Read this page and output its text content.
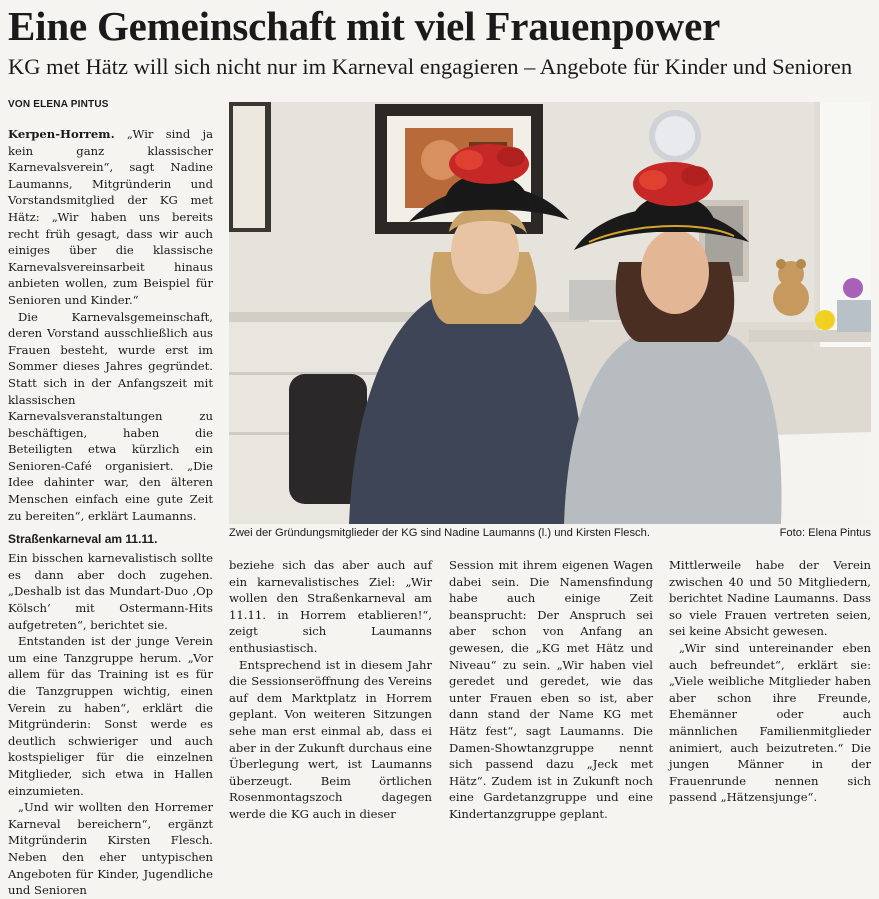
Eine Gemeinschaft mit viel Frauenpower
KG met Hätz will sich nicht nur im Karneval engagieren – Angebote für Kinder und Senioren
VON ELENA PINTUS

Kerpen-Horrem. „Wir sind ja kein ganz klassischer Karnevalsverein“, sagt Nadine Laumanns, Mitgründerin und Vorstandsmitglied der KG met Hätz: „Wir haben uns bereits recht früh gesagt, dass wir auch einiges über die klassische Karnevalsvereinsarbeit hinaus anbieten wollen, zum Beispiel für Senioren und Kinder.“

Die Karnevalsgemeinschaft, deren Vorstand ausschließlich aus Frauen besteht, wurde erst im Sommer dieses Jahres gegründet. Statt sich in der Anfangszeit mit klassischen Karnevalsveranstaltungen zu beschäftigen, haben die Beteiligten etwa kürzlich ein Senioren-Café organisiert. „Die Idee dahinter war, den älteren Menschen einfach eine gute Zeit zu bereiten“, erklärt Laumanns.

Straßenkarneval am 11.11.

Ein bisschen karnevalistisch sollte es dann aber doch zugehen. „Deshalb ist das Mundart-Duo ‚Op Kölsch‘ mit Ostermann-Hits aufgetreten“, berichtet sie.

Entstanden ist der junge Verein um eine Tanzgruppe herum. „Vor allem für das Training ist es für die Tanzgruppen wichtig, einen Verein zu haben“, erklärt die Mitgründerin: Sonst werde es deutlich schwieriger und auch kostspieliger für die einzelnen Mitglieder, sich etwa in Hallen einzumieten.

„Und wir wollten den Horremer Karneval bereichern“, ergänzt Mitgründerin Kirsten Flesch. Neben den eher untypischen Angeboten für Kinder, Jugendliche und Senioren

Zwei der Gründungsmitglieder der KG sind Nadine Laumanns (l.) und Kirsten Flesch.	Foto: Elena Pintus

beziehe sich das aber auch auf ein karnevalistisches Ziel: „Wir wollen den Straßenkarneval am 11.11. in Horrem etablieren!“, zeigt sich Laumanns enthusiastisch.

Entsprechend ist in diesem Jahr die Sessionseröffnung des Vereins auf dem Marktplatz in Horrem geplant. Von weiteren Sitzungen sehe man erst einmal ab, dass ei aber in der Zukunft durchaus eine Überlegung wert, ist Laumanns überzeugt. Beim örtlichen Rosenmontagszoch dagegen werde die KG auch in dieser

Session mit ihrem eigenen Wagen dabei sein. Die Namensfindung habe auch einige Zeit beansprucht: Der Anspruch sei aber schon von Anfang an gewesen, die „KG met Hätz und Niveau“ zu sein. „Wir haben viel geredet und geredet, wie das unter Frauen eben so ist, aber dann stand der Name KG met Hätz fest“, sagt Laumanns. Die Damen-Showtanzgruppe nennt sich passend dazu „Jeck met Hätz“. Zudem ist in Zukunft noch eine Gardetanzgruppe und eine Kindertanzgruppe geplant.

Mittlerweile habe der Verein zwischen 40 und 50 Mitgliedern, berichtet Nadine Laumanns. Dass so viele Frauen vertreten seien, sei keine Absicht gewesen.

„Wir sind untereinander eben auch befreundet“, erklärt sie: „Viele weibliche Mitglieder haben aber schon ihre Freunde, Ehemänner oder auch männlichen Familienmitglieder animiert, auch beizutreten.“ Die jungen Männer in der Frauenrunde nennen sich passend „Hätzensjunge“.
